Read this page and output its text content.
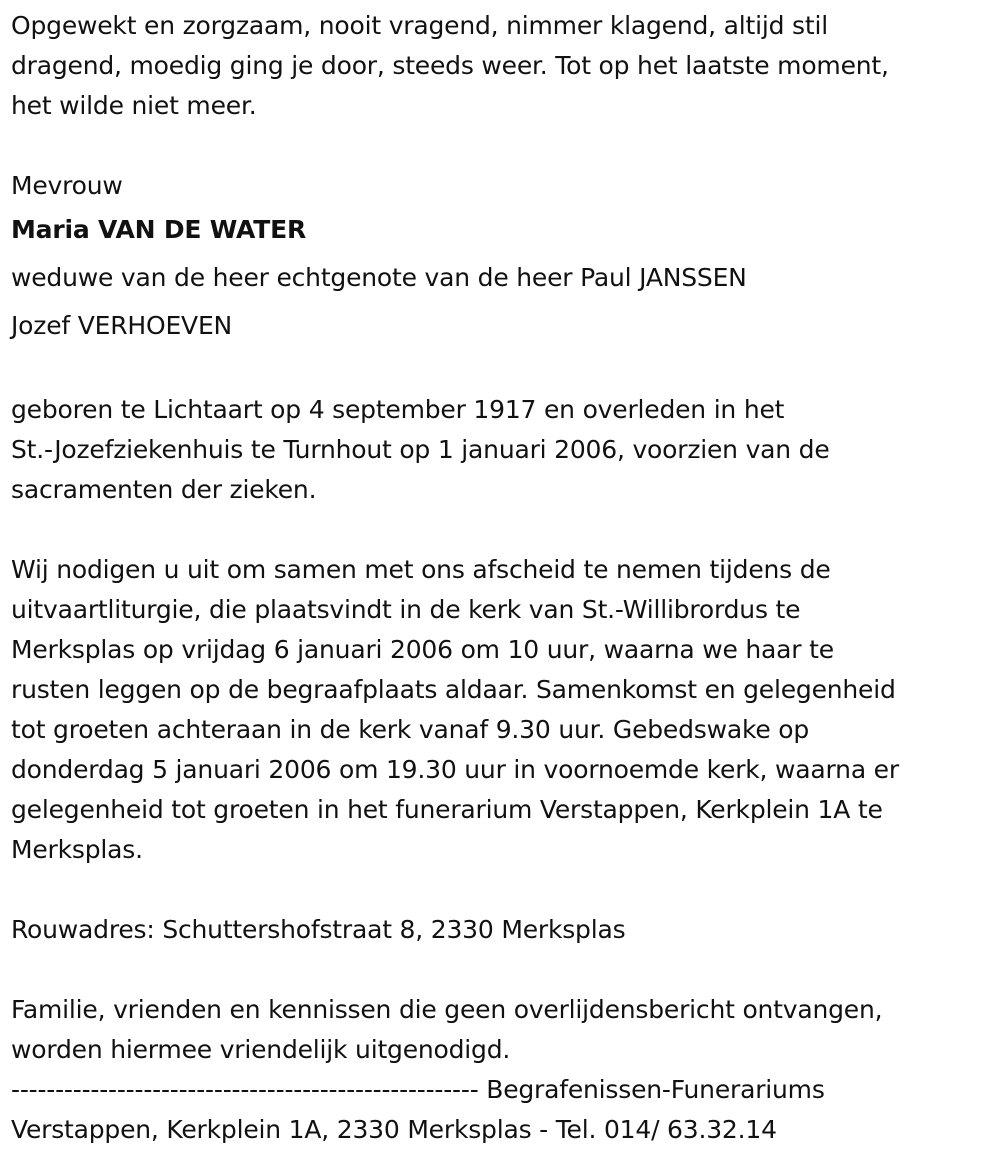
Opgewekt en zorgzaam, nooit vragend, nimmer klagend, altijd stil
dragend, moedig ging je door, steeds weer. Tot op het laatste moment,
het wilde niet meer.
Mevrouw
Maria VAN DE WATER
weduwe van de heer echtgenote van de heer Paul JANSSEN
Jozef VERHOEVEN
geboren te Lichtaart op 4 september 1917 en overleden in het
St.-Jozefziekenhuis te Turnhout op 1 januari 2006, voorzien van de
sacramenten der zieken.
Wij nodigen u uit om samen met ons afscheid te nemen tijdens de
uitvaartliturgie, die plaatsvindt in de kerk van St.-Willibrordus te
Merksplas op vrijdag 6 januari 2006 om 10 uur, waarna we haar te
rusten leggen op de begraafplaats aldaar. Samenkomst en gelegenheid
tot groeten achteraan in de kerk vanaf 9.30 uur. Gebedswake op
donderdag 5 januari 2006 om 19.30 uur in voornoemde kerk, waarna er
gelegenheid tot groeten in het funerarium Verstappen, Kerkplein 1A te
Merksplas.
Rouwadres: Schuttershofstraat 8, 2330 Merksplas
Familie, vrienden en kennissen die geen overlijdensbericht ontvangen,
worden hiermee vriendelijk uitgenodigd.
----------------------------------------------------- Begrafenissen-Funerariums
Verstappen, Kerkplein 1A, 2330 Merksplas - Tel. 014/ 63.32.14
